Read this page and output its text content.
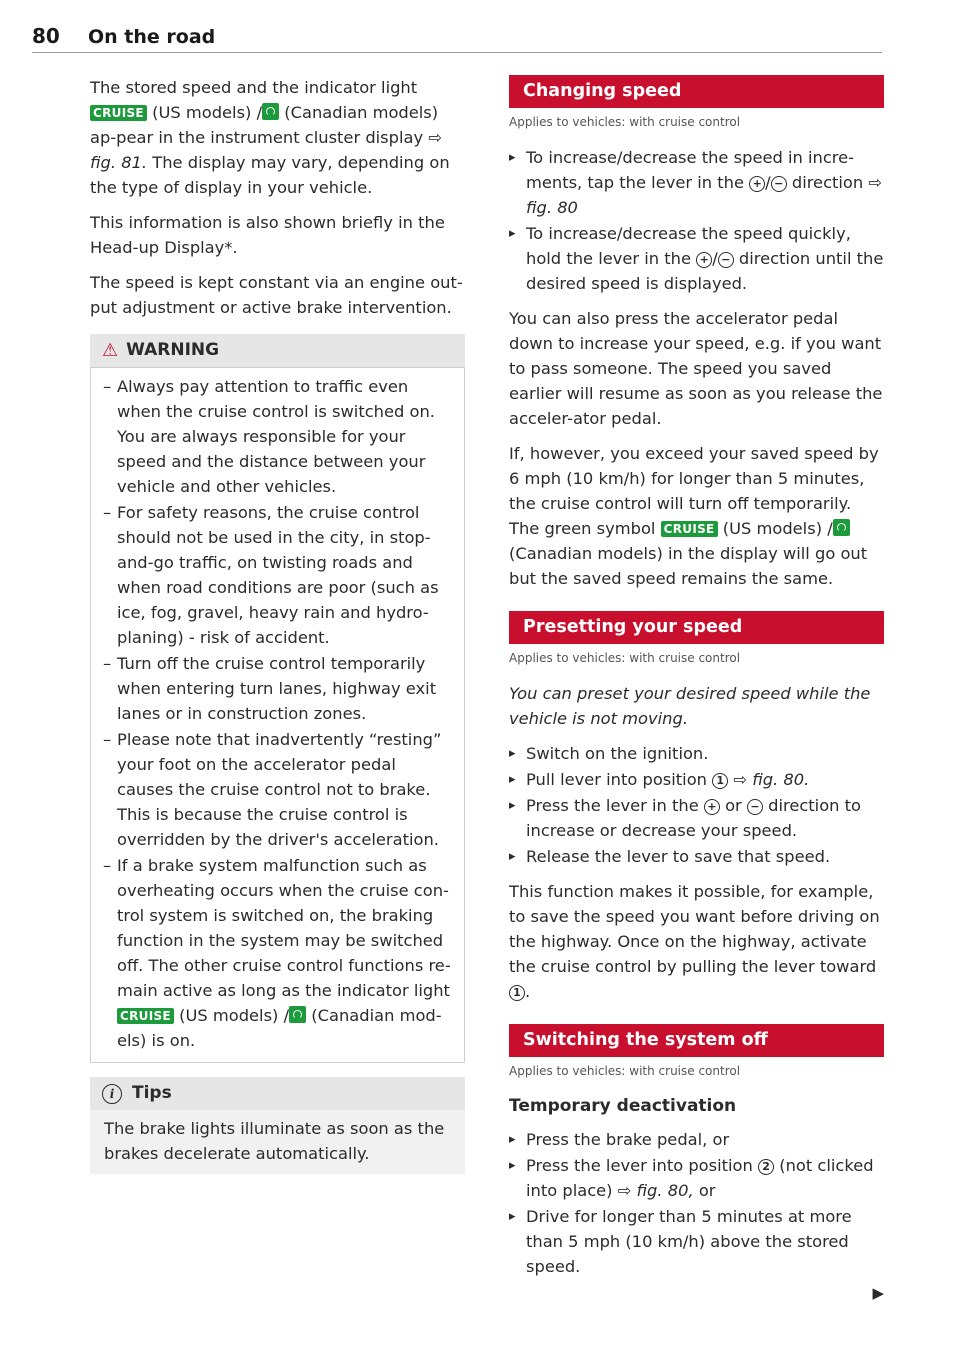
80	On the road

The stored speed and the indicator light CRUISE (US models) / (Canadian models) ap-pear in the instrument cluster display ⇨ fig. 81. The display may vary, depending on the type of display in your vehicle.

This information is also shown briefly in the Head-up Display*.

The speed is kept constant via an engine out-put adjustment or active brake intervention.

⚠ WARNING
– Always pay attention to traffic even when the cruise control is switched on. You are always responsible for your speed and the distance between your vehicle and other vehicles.
– For safety reasons, the cruise control should not be used in the city, in stop-and-go traffic, on twisting roads and when road conditions are poor (such as ice, fog, gravel, heavy rain and hydro-planing) - risk of accident.
– Turn off the cruise control temporarily when entering turn lanes, highway exit lanes or in construction zones.
– Please note that inadvertently “resting” your foot on the accelerator pedal causes the cruise control not to brake. This is because the cruise control is overridden by the driver's acceleration.
– If a brake system malfunction such as overheating occurs when the cruise con-trol system is switched on, the braking function in the system may be switched off. The other cruise control functions re-main active as long as the indicator light CRUISE (US models) / (Canadian mod-els) is on.
i	Tips
The brake lights illuminate as soon as the brakes decelerate automatically.
Changing speed
Applies to vehicles: with cruise control
▸ To increase/decrease the speed in incre-ments, tap the lever in the + / − direction ⇨ fig. 80
▸ To increase/decrease the speed quickly, hold the lever in the + / − direction until the desired speed is displayed.

You can also press the accelerator pedal down to increase your speed, e.g. if you want to pass someone. The speed you saved earlier will resume as soon as you release the acceler-ator pedal.

If, however, you exceed your saved speed by 6 mph (10 km/h) for longer than 5 minutes, the cruise control will turn off temporarily. The green symbol CRUISE (US models) / (Canadian models) in the display will go out but the saved speed remains the same.

Presetting your speed
Applies to vehicles: with cruise control

You can preset your desired speed while the vehicle is not moving.

▸ Switch on the ignition.
▸ Pull lever into position 1 ⇨ fig. 80.
▸ Press the lever in the + or − direction to increase or decrease your speed.
▸ Release the lever to save that speed.

This function makes it possible, for example, to save the speed you want before driving on the highway. Once on the highway, activate the cruise control by pulling the lever toward 1 .

Switching the system off
Applies to vehicles: with cruise control
Temporary deactivation
▸ Press the brake pedal, or
▸ Press the lever into position 2 (not clicked into place) ⇨ fig. 80, or
▸ Drive for longer than 5 minutes at more than 5 mph (10 km/h) above the stored speed.
▶
